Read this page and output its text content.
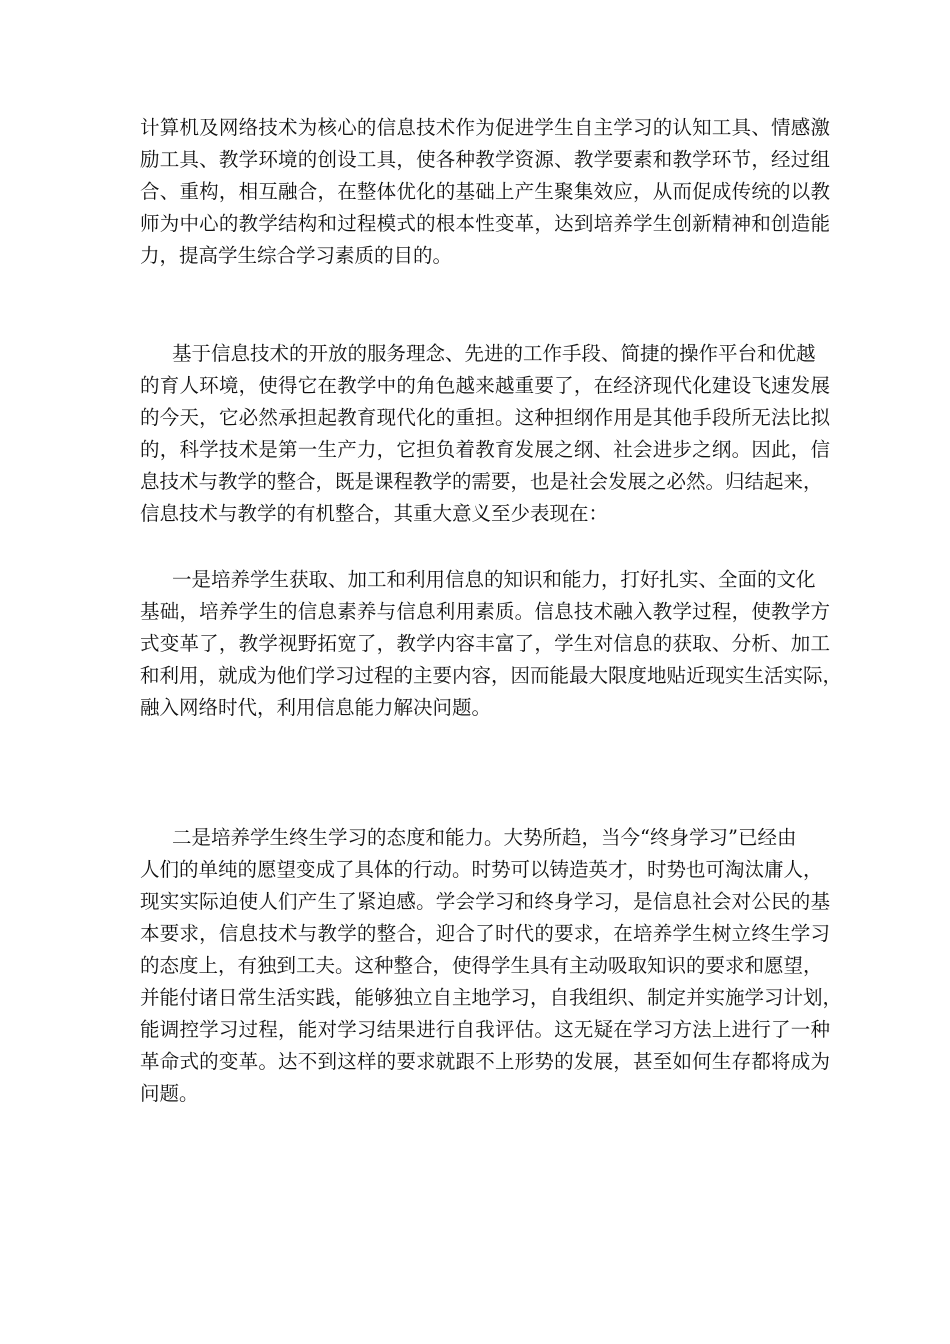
计算机及网络技术为核心的信息技术作为促进学生自主学习的认知工具、情感激
励工具、教学环境的创设工具，使各种教学资源、教学要素和教学环节，经过组
合、重构，相互融合，在整体优化的基础上产生聚集效应，从而促成传统的以教
师为中心的教学结构和过程模式的根本性变革，达到培养学生创新精神和创造能
力，提高学生综合学习素质的目的。
基于信息技术的开放的服务理念、先进的工作手段、简捷的操作平台和优越
的育人环境，使得它在教学中的角色越来越重要了，在经济现代化建设飞速发展
的今天，它必然承担起教育现代化的重担。这种担纲作用是其他手段所无法比拟
的，科学技术是第一生产力，它担负着教育发展之纲、社会进步之纲。因此，信
息技术与教学的整合，既是课程教学的需要，也是社会发展之必然。归结起来，
信息技术与教学的有机整合，其重大意义至少表现在：
一是培养学生获取、加工和利用信息的知识和能力，打好扎实、全面的文化
基础，培养学生的信息素养与信息利用素质。信息技术融入教学过程，使教学方
式变革了，教学视野拓宽了，教学内容丰富了，学生对信息的获取、分析、加工
和利用，就成为他们学习过程的主要内容，因而能最大限度地贴近现实生活实际，
融入网络时代，利用信息能力解决问题。
二是培养学生终生学习的态度和能力。大势所趋，当今“终身学习”已经由
人们的单纯的愿望变成了具体的行动。时势可以铸造英才，时势也可淘汰庸人，
现实实际迫使人们产生了紧迫感。学会学习和终身学习，是信息社会对公民的基
本要求，信息技术与教学的整合，迎合了时代的要求，在培养学生树立终生学习
的态度上，有独到工夫。这种整合，使得学生具有主动吸取知识的要求和愿望，
并能付诸日常生活实践，能够独立自主地学习，自我组织、制定并实施学习计划，
能调控学习过程，能对学习结果进行自我评估。这无疑在学习方法上进行了一种
革命式的变革。达不到这样的要求就跟不上形势的发展，甚至如何生存都将成为
问题。
